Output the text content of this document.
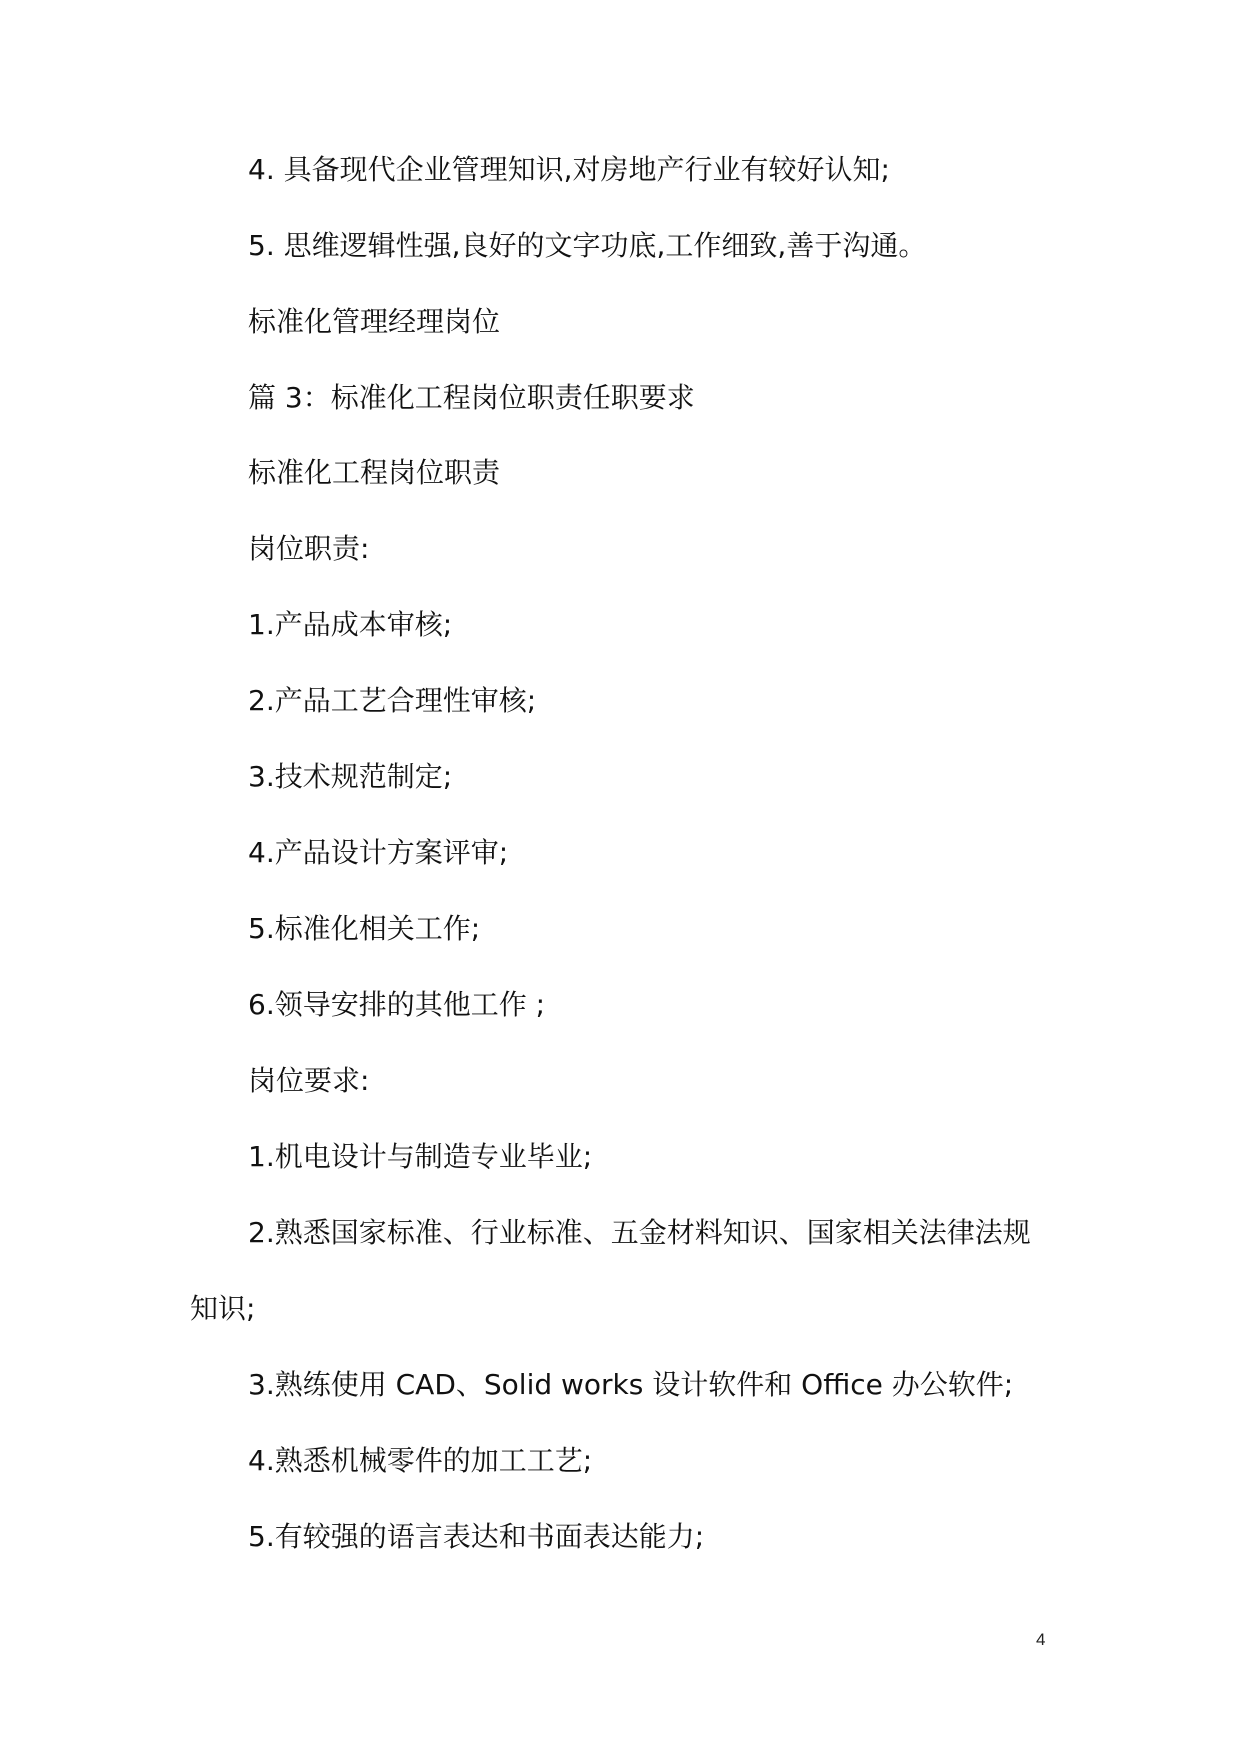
4. 具备现代企业管理知识,对房地产行业有较好认知;
5. 思维逻辑性强,良好的文字功底,工作细致,善于沟通。
标准化管理经理岗位
篇 3：标准化工程岗位职责任职要求
标准化工程岗位职责
岗位职责:
1.产品成本审核;
2.产品工艺合理性审核;
3.技术规范制定;
4.产品设计方案评审;
5.标准化相关工作;
6.领导安排的其他工作 ;
岗位要求:
1.机电设计与制造专业毕业;
2.熟悉国家标准、行业标准、五金材料知识、国家相关法律法规
知识;
3.熟练使用 CAD、Solid works 设计软件和 Office 办公软件;
4.熟悉机械零件的加工工艺;
5.有较强的语言表达和书面表达能力;
4
